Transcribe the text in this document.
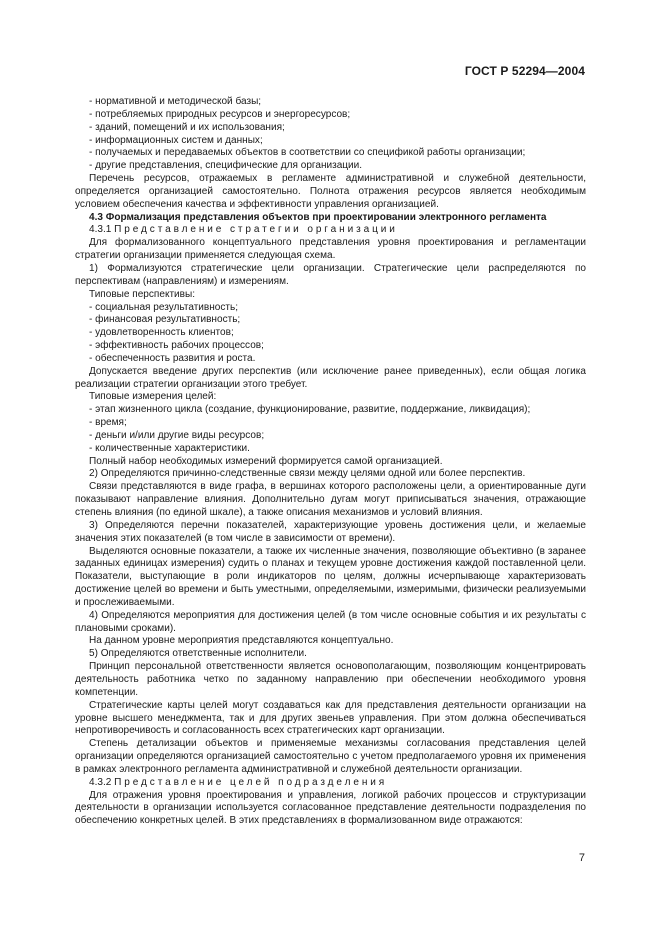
ГОСТ Р 52294—2004

- нормативной и методической базы;

- потребляемых природных ресурсов и энергоресурсов;

- зданий, помещений и их использования;

- информационных систем и данных;

- получаемых и передаваемых объектов в соответствии со спецификой работы организации;

- другие представления, специфические для организации.

Перечень ресурсов, отражаемых в регламенте административной и служебной деятельности, определяется организацией самостоятельно. Полнота отражения ресурсов является необходимым условием обеспечения качества и эффективности управления организацией.

4.3 Формализация представления объектов при проектировании электронного регламента

4.3.1 Представление стратегии организации

Для формализованного концептуального представления уровня проектирования и регламентации стратегии организации применяется следующая схема.

1) Формализуются стратегические цели организации. Стратегические цели распределяются по перспективам (направлениям) и измерениям.

Типовые перспективы:

- социальная результативность;

- финансовая результативность;

- удовлетворенность клиентов;

- эффективность рабочих процессов;

- обеспеченность развития и роста.

Допускается введение других перспектив (или исключение ранее приведенных), если общая логика реализации стратегии организации этого требует.

Типовые измерения целей:

- этап жизненного цикла (создание, функционирование, развитие, поддержание, ликвидация);

- время;

- деньги и/или другие виды ресурсов;

- количественные характеристики.

Полный набор необходимых измерений формируется самой организацией.

2) Определяются причинно-следственные связи между целями одной или более перспектив.

Связи представляются в виде графа, в вершинах которого расположены цели, а ориентированные дуги показывают направление влияния. Дополнительно дугам могут приписываться значения, отражающие степень влияния (по единой шкале), а также описания механизмов и условий влияния.

3) Определяются перечни показателей, характеризующие уровень достижения цели, и желаемые значения этих показателей (в том числе в зависимости от времени).

Выделяются основные показатели, а также их численные значения, позволяющие объективно (в заранее заданных единицах измерения) судить о планах и текущем уровне достижения каждой поставленной цели. Показатели, выступающие в роли индикаторов по целям, должны исчерпывающе характеризовать достижение целей во времени и быть уместными, определяемыми, измеримыми, физически реализуемыми и прослеживаемыми.

4) Определяются мероприятия для достижения целей (в том числе основные события и их результаты с плановыми сроками).

На данном уровне мероприятия представляются концептуально.

5) Определяются ответственные исполнители.

Принцип персональной ответственности является основополагающим, позволяющим концентрировать деятельность работника четко по заданному направлению при обеспечении необходимого уровня компетенции.

Стратегические карты целей могут создаваться как для представления деятельности организации на уровне высшего менеджмента, так и для других звеньев управления. При этом должна обеспечиваться непротиворечивость и согласованность всех стратегических карт организации.

Степень детализации объектов и применяемые механизмы согласования представления целей организации определяются организацией самостоятельно с учетом предполагаемого уровня их применения в рамках электронного регламента административной и служебной деятельности организации.

4.3.2 Представление целей подразделения

Для отражения уровня проектирования и управления, логикой рабочих процессов и структуризации деятельности в организации используется согласованное представление деятельности подразделения по обеспечению конкретных целей. В этих представлениях в формализованном виде отражаются:

7
